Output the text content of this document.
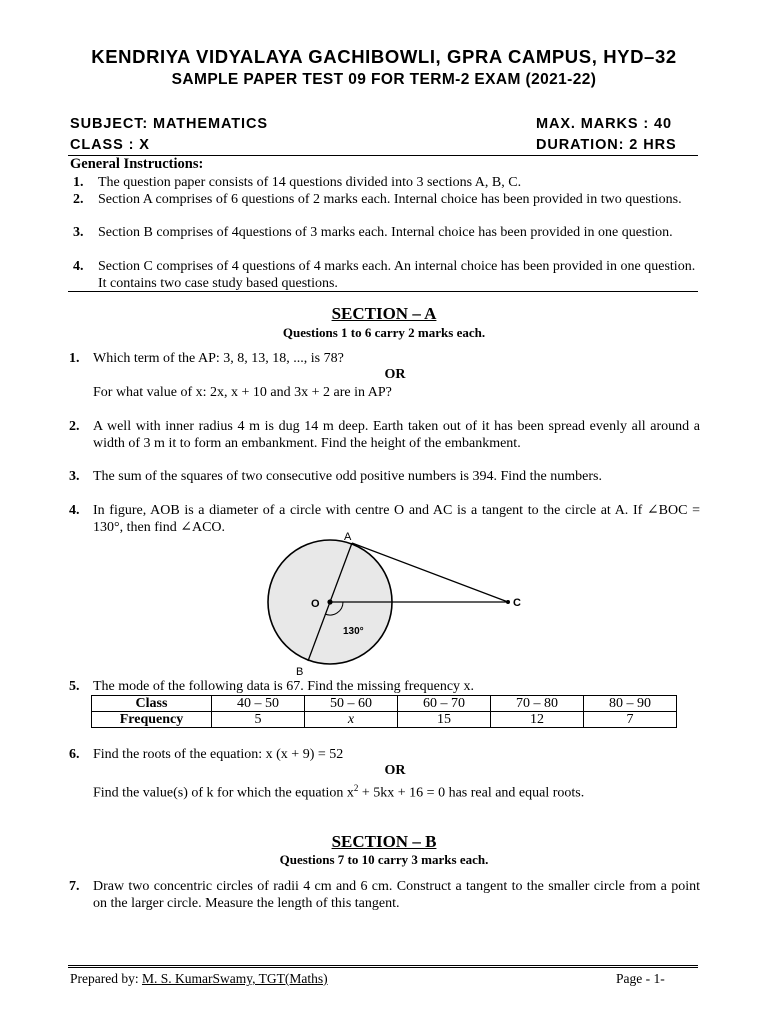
KENDRIYA VIDYALAYA GACHIBOWLI, GPRA CAMPUS, HYD–32
SAMPLE PAPER TEST 09 FOR TERM-2 EXAM (2021-22)
SUBJECT: MATHEMATICS	MAX. MARKS : 40
CLASS : X	DURATION: 2 HRS
General Instructions:
1. The question paper consists of 14 questions divided into 3 sections A, B, C.
2. Section A comprises of 6 questions of 2 marks each. Internal choice has been provided in two questions.
3. Section B comprises of 4questions of 3 marks each. Internal choice has been provided in one question.
4. Section C comprises of 4 questions of 4 marks each. An internal choice has been provided in one question. It contains two case study based questions.
SECTION – A
Questions 1 to 6 carry 2 marks each.
1. Which term of the AP: 3, 8, 13, 18, ..., is 78?
OR
For what value of x: 2x, x + 10 and 3x + 2 are in AP?
2. A well with inner radius 4 m is dug 14 m deep. Earth taken out of it has been spread evenly all around a width of 3 m it to form an embankment. Find the height of the embankment.
3. The sum of the squares of two consecutive odd positive numbers is 394. Find the numbers.
4. In figure, AOB is a diameter of a circle with centre O and AC is a tangent to the circle at A. If ∠BOC = 130°, then find ∠ACO.
A
B
O	C
130°
5. The mode of the following data is 67. Find the missing frequency x.
Class	40 – 50	50 – 60	60 – 70	70 – 80	80 – 90
Frequency	5	x	15	12	7
6. Find the roots of the equation: x (x + 9) = 52
OR
Find the value(s) of k for which the equation $x^2 + 5kx + 16 = 0$ has real and equal roots.
SECTION – B
Questions 7 to 10 carry 3 marks each.
7. Draw two concentric circles of radii 4 cm and 6 cm. Construct a tangent to the smaller circle from a point on the larger circle. Measure the length of this tangent.
Prepared by: M. S. KumarSwamy, TGT(Maths)	Page - 1-
